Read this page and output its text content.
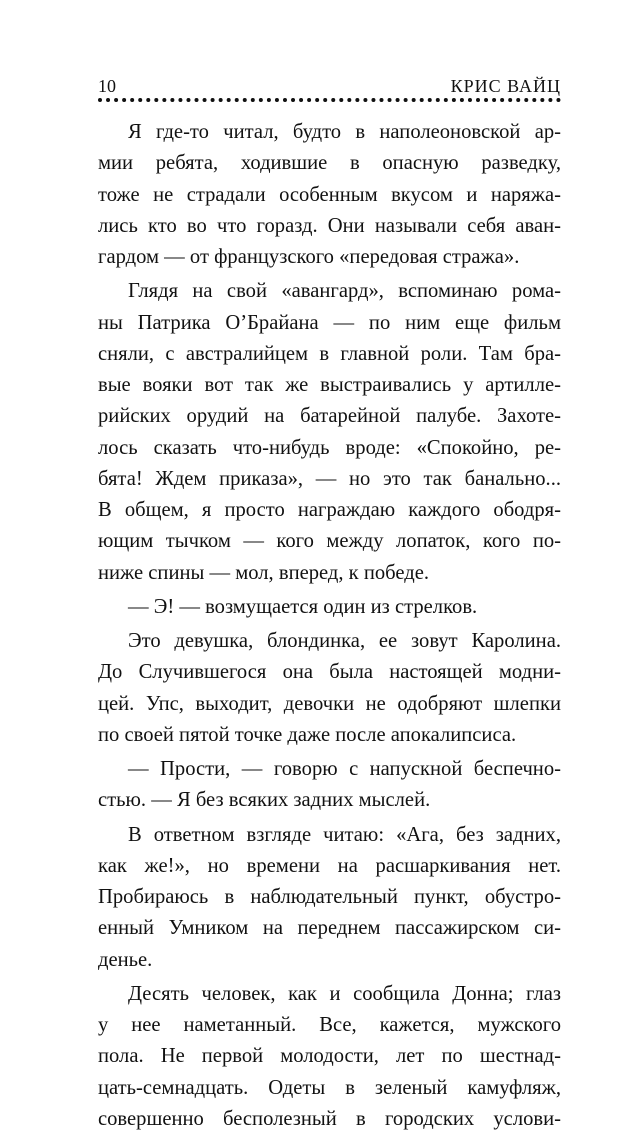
10	КРИС ВАЙЦ
Я где-то читал, будто в наполеоновской ар-
мии ребята, ходившие в опасную разведку,
тоже не страдали особенным вкусом и наряжа-
лись кто во что горазд. Они называли себя аван-
гардом — от французского «передовая стража».
Глядя на свой «авангард», вспоминаю рома-
ны Патрика О’Брайана — по ним еще фильм
сняли, с австралийцем в главной роли. Там бра-
вые вояки вот так же выстраивались у артилле-
рийских орудий на батарейной палубе. Захоте-
лось сказать что-нибудь вроде: «Спокойно, ре-
бята! Ждем приказа», — но это так банально...
В общем, я просто награждаю каждого ободря-
ющим тычком — кого между лопаток, кого по-
ниже спины — мол, вперед, к победе.
— Э! — возмущается один из стрелков.
Это девушка, блондинка, ее зовут Каролина.
До Случившегося она была настоящей модни-
цей. Упс, выходит, девочки не одобряют шлепки
по своей пятой точке даже после апокалипсиса.
— Прости, — говорю с напускной беспечно-
стью. — Я без всяких задних мыслей.
В ответном взгляде читаю: «Ага, без задних,
как же!», но времени на расшаркивания нет.
Пробираюсь в наблюдательный пункт, обустро-
енный Умником на переднем пассажирском си-
денье.
Десять человек, как и сообщила Донна; глаз
у нее наметанный. Все, кажется, мужского
пола. Не первой молодости, лет по шестнад-
цать-семнадцать. Одеты в зеленый камуфляж,
совершенно бесполезный в городских услови-
